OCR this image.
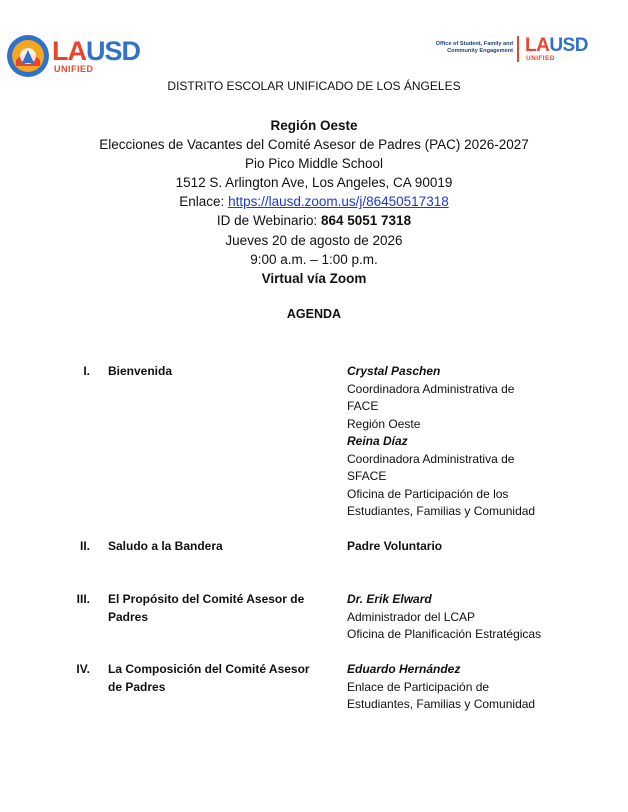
LAUSD
UNIFIED
Office of Student, Family and Community Engagement LAUSD
UNIFIED
DISTRITO ESCOLAR UNIFICADO DE LOS ÁNGELES
Región Oeste
Elecciones de Vacantes del Comité Asesor de Padres (PAC) 2026-2027
Pio Pico Middle School
1512 S. Arlington Ave, Los Angeles, CA 90019
Enlace: https://lausd.zoom.us/j/86450517318
ID de Webinario: 864 5051 7318
Jueves 20 de agosto de 2026
9:00 a.m. – 1:00 p.m.
Virtual vía Zoom
AGENDA
I. Bienvenida	Crystal Paschen
Coordinadora Administrativa de
FACE
Región Oeste
Reina Díaz
Coordinadora Administrativa de
SFACE
Oficina de Participación de los
Estudiantes, Familias y Comunidad
II. Saludo a la Bandera	Padre Voluntario
III. El Propósito del Comité Asesor de Padres
Dr. Erik Elward
Administrador del LCAP
Oficina de Planificación Estratégicas
IV. La Composición del Comité Asesor de Padres
Eduardo Hernández
Enlace de Participación de
Estudiantes, Familias y Comunidad
